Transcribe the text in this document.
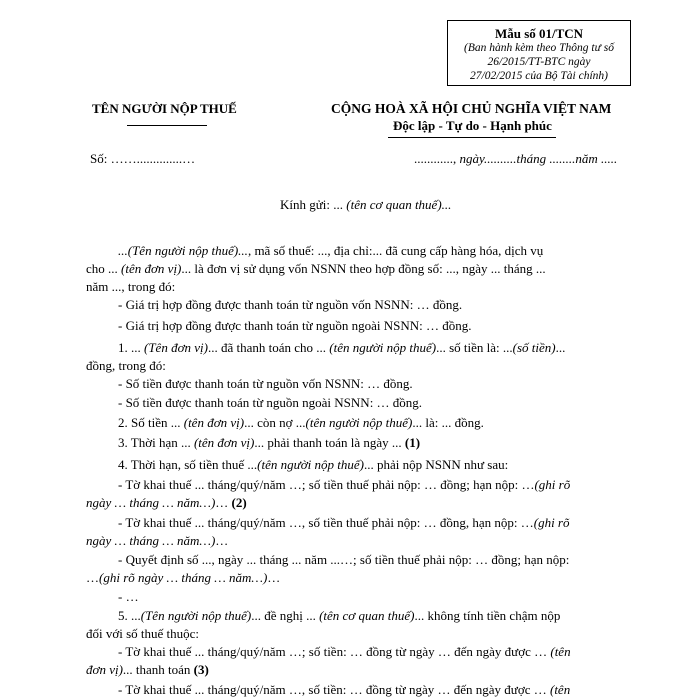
Mẫu số 01/TCN
(Ban hành kèm theo Thông tư số
26/2015/TT-BTC ngày
27/02/2015 của Bộ Tài chính)
TÊN NGƯỜI NỘP THUẾ	CỘNG HOÀ XÃ HỘI CHỦ NGHĨA VIỆT NAM
Độc lập - Tự do - Hạnh phúc
Số: ……..............…	............, ngày..........tháng ........năm .....
Kính gửi: ... (tên cơ quan thuế)...

...(Tên người nộp thuế)..., mã số thuế: ..., địa chỉ:... đã cung cấp hàng hóa, dịch vụ

cho ... (tên đơn vị)... là đơn vị sử dụng vốn NSNN theo hợp đồng số: ..., ngày ... tháng ...

năm ..., trong đó:

- Giá trị hợp đồng được thanh toán từ nguồn vốn NSNN: … đồng.
- Giá trị hợp đồng được thanh toán từ nguồn ngoài NSNN: … đồng.

1. ... (Tên đơn vị)... đã thanh toán cho ... (tên người nộp thuế)... số tiền là: ...(số tiền)...

đồng, trong đó:

- Số tiền được thanh toán từ nguồn vốn NSNN: … đồng.
- Số tiền được thanh toán từ nguồn ngoài NSNN: … đồng.
2. Số tiền ... (tên đơn vị)... còn nợ ...(tên người nộp thuế)... là: ... đồng.
3. Thời hạn ... (tên đơn vị)... phải thanh toán là ngày ... (1)
4. Thời hạn, số tiền thuế ...(tên người nộp thuế)... phải nộp NSNN như sau:

- Tờ khai thuế ... tháng/quý/năm …; số tiền thuế phải nộp: … đồng; hạn nộp: …(ghi rõ

ngày … tháng … năm…)… (2)

- Tờ khai thuế ... tháng/quý/năm …, số tiền thuế phải nộp: … đồng, hạn nộp: …(ghi rõ

ngày … tháng … năm…)…

- Quyết định số ..., ngày ... tháng ... năm ...…; số tiền thuế phải nộp: … đồng; hạn nộp:

…(ghi rõ ngày … tháng … năm…)…

- …

5. ...(Tên người nộp thuế)... đề nghị ... (tên cơ quan thuế)... không tính tiền chậm nộp

đối với số thuế thuộc:

- Tờ khai thuế ... tháng/quý/năm …; số tiền: … đồng từ ngày … đến ngày được … (tên

đơn vị)... thanh toán (3)

- Tờ khai thuế ... tháng/quý/năm …, số tiền: … đồng từ ngày … đến ngày được … (tên
